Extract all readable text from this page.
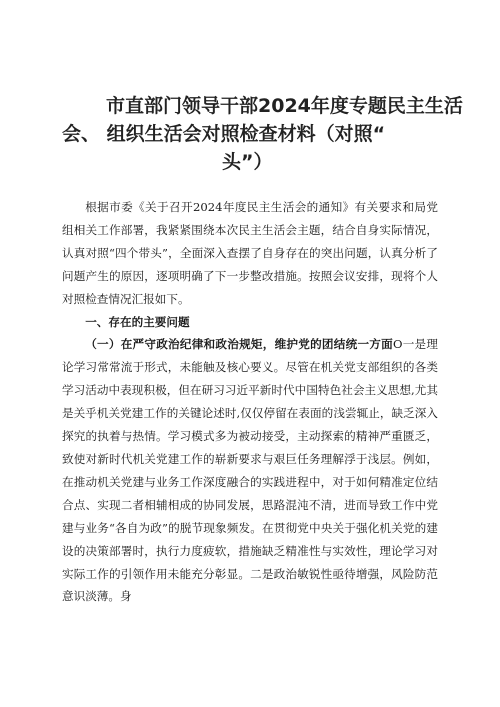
市直部门领导干部2024年度专题民主生活
会、 组织生活会对照检查材料（对照“
头”）

根据市委《关于召开2024年度民主生活会的通知》有关要求和局党组相关工作部署，我紧紧围绕本次民主生活会主题，结合自身实际情况，认真对照“四个带头”，全面深入查摆了自身存在的突出问题，认真分析了问题产生的原因，逐项明确了下一步整改措施。按照会议安排，现将个人对照检查情况汇报如下。

一、存在的主要问题

（一）在严守政治纪律和政治规矩，维护党的团结统一方面O一是理论学习常常流于形式，未能触及核心要义。尽管在机关党支部组织的各类学习活动中表现积极，但在研习习近平新时代中国特色社会主义思想,尤其是关乎机关党建工作的关键论述时,仅仅停留在表面的浅尝辄止，缺乏深入探究的执着与热情。学习模式多为被动接受，主动探索的精神严重匮乏，致使对新时代机关党建工作的崭新要求与艰巨任务理解浮于浅层。例如，在推动机关党建与业务工作深度融合的实践进程中，对于如何精准定位结合点、实现二者相辅相成的协同发展，思路混沌不清，进而导致工作中党建与业务“各自为政”的脱节现象频发。在贯彻党中央关于强化机关党的建设的决策部署时，执行力度疲软，措施缺乏精准性与实效性，理论学习对实际工作的引领作用未能充分彰显。二是政治敏锐性亟待增强，风险防范意识淡薄。身
